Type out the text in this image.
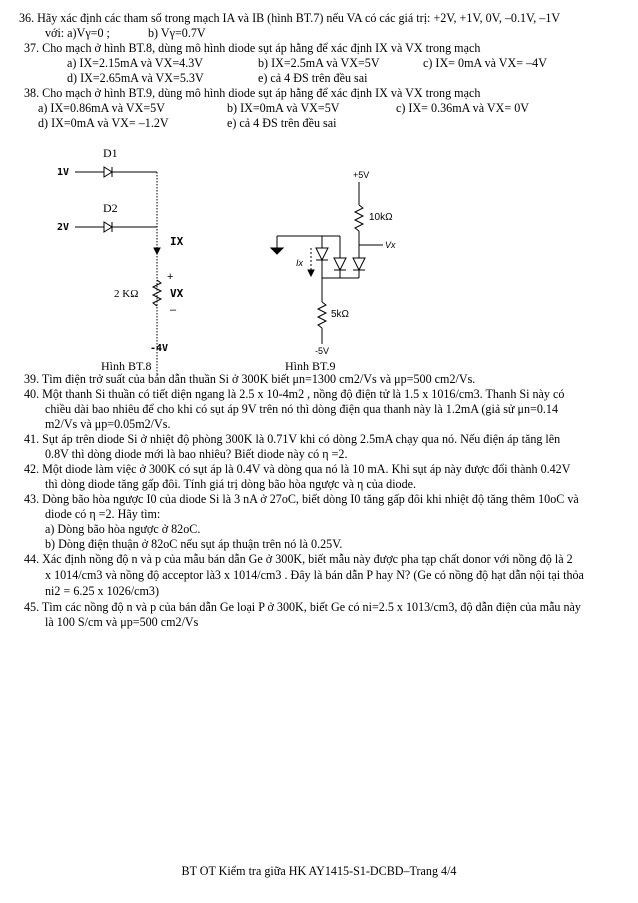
36. Hãy xác định các tham số trong mạch IA và IB (hình BT.7) nếu VA có các giá trị: +2V, +1V, 0V, –0.1V, –1V
với: a)Vγ=0 ;	b) Vγ=0.7V
37. Cho mạch ở hình BT.8, dùng mô hình diode sụt áp hằng để xác định IX và VX trong mạch
a) IX=2.15mA và VX=4.3V	b) IX=2.5mA và VX=5V	c) IX= 0mA và VX= –4V
d) IX=2.65mA và VX=5.3V	e) cả 4 ĐS trên đều sai
38. Cho mạch ở hình BT.9, dùng mô hình diode sụt áp hằng để xác định IX và VX trong mạch
a) IX=0.86mA và VX=5V	b) IX=0mA và VX=5V	c) IX= 0.36mA và VX= 0V
d) IX=0mA và VX= –1.2V	e) cả 4 ĐS trên đều sai
D1
1V
D2
2V
IX
+
VX
–
2 KΩ
-4V
Hình BT.8
+5V
10kΩ
Vx
Ix
5kΩ
-5V
Hình BT.9
39. Tìm điện trở suất của bán dẫn thuần Si ở 300K biết μn=1300 cm2/Vs và μp=500 cm2/Vs.
40. Một thanh Si thuần có tiết diện ngang là 2.5 x 10-4m2 , nồng độ điện tử là 1.5 x 1016/cm3. Thanh Si này có
chiều dài bao nhiêu để cho khi có sụt áp 9V trên nó thì dòng điện qua thanh này là 1.2mA (giả sử μn=0.14
m2/Vs và μp=0.05m2/Vs.
41. Sụt áp trên diode Si ở nhiệt độ phòng 300K là 0.71V khi có dòng 2.5mA chạy qua nó. Nếu điện áp tăng lên
0.8V thì dòng diode mới là bao nhiêu? Biết diode này có η =2.
42. Một diode làm việc ở 300K có sụt áp là 0.4V và dòng qua nó là 10 mA. Khi sụt áp này được đổi thành 0.42V
thì dòng diode tăng gấp đôi. Tính giá trị dòng bão hòa ngược và η của diode.
43. Dòng bão hòa ngược I0 của diode Si là 3 nA ở 27oC, biết dòng I0 tăng gấp đôi khi nhiệt độ tăng thêm 10oC và
diode có η =2. Hãy tìm:
a) Dòng bão hòa ngược ở 82oC.
b) Dòng điện thuận ở 82oC nếu sụt áp thuận trên nó là 0.25V.
44. Xác định nồng độ n và p của mẫu bán dẫn Ge ở 300K, biết mẫu này được pha tạp chất donor với nồng độ là 2
x 1014/cm3 và nồng độ acceptor là3 x 1014/cm3 . Đây là bán dẫn P hay N? (Ge có nồng độ hạt dẫn nội tại thỏa
ni2 = 6.25 x 1026/cm3)
45. Tìm các nồng độ n và p của bán dẫn Ge loại P ở 300K, biết Ge có ni=2.5 x 1013/cm3, độ dẫn điện của mẫu này
là 100 S/cm và μp=500 cm2/Vs
BT OT Kiểm tra giữa HK AY1415-S1-DCBD–Trang 4/4
